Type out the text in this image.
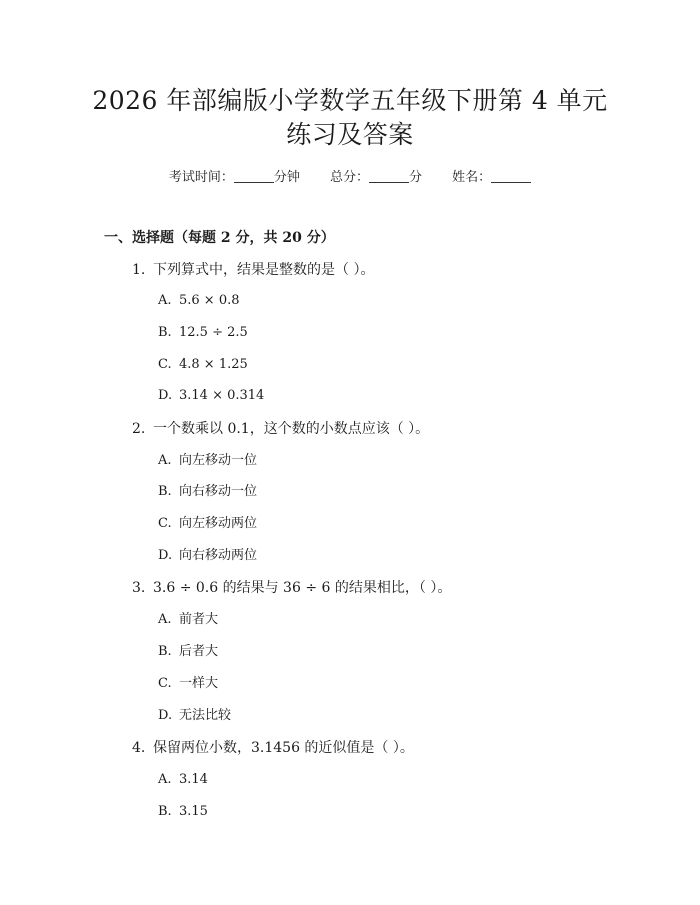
2026 年部编版小学数学五年级下册第 4 单元
练习及答案
考试时间：	分钟 总分：	分 姓名：
一、选择题（每题 2 分，共 20 分）
1. 下列算式中，结果是整数的是（ ）。
A. 5.6 × 0.8
B. 12.5 ÷ 2.5
C. 4.8 × 1.25
D. 3.14 × 0.314
2. 一个数乘以 0.1，这个数的小数点应该（ ）。
A. 向左移动一位
B. 向右移动一位
C. 向左移动两位
D. 向右移动两位
3. 3.6 ÷ 0.6 的结果与 36 ÷ 6 的结果相比，（ ）。
A. 前者大
B. 后者大
C. 一样大
D. 无法比较
4. 保留两位小数，3.1456 的近似值是（ ）。
A. 3.14
B. 3.15
